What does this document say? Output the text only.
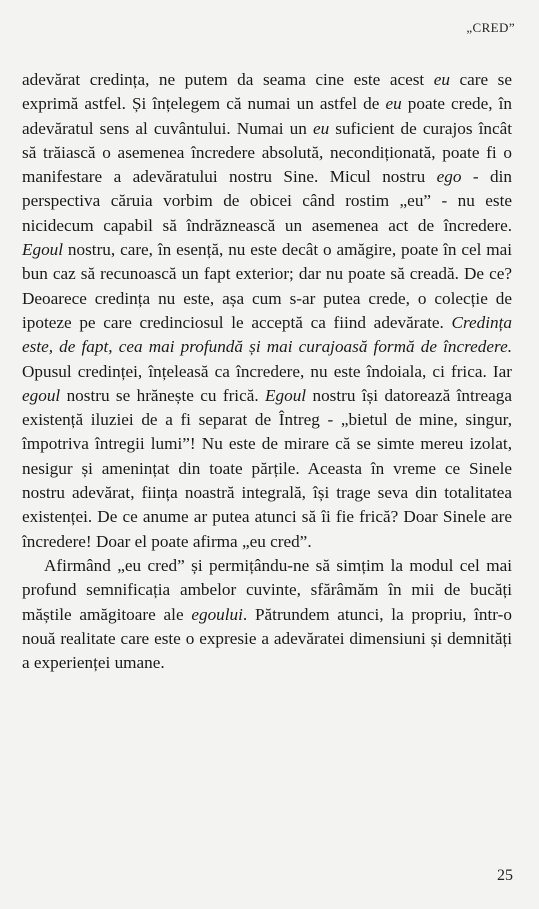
„CRED”

adevărat credința, ne putem da seama cine este acest eu care se exprimă astfel. Și înțelegem că numai un astfel de eu poate crede, în adevăratul sens al cuvântului. Numai un eu suficient de curajos încât să trăiască o asemenea încredere absolută, necondiționată, poate fi o manifestare a adevăratului nostru Sine. Micul nostru ego - din perspectiva căruia vorbim de obicei când rostim „eu” - nu este nicidecum capabil să îndrăznească un asemenea act de încredere. Egoul nostru, care, în esență, nu este decât o amăgire, poate în cel mai bun caz să recunoască un fapt exterior; dar nu poate să creadă. De ce? Deoarece credința nu este, așa cum s-ar putea crede, o colecție de ipoteze pe care credinciosul le acceptă ca fiind adevărate. Credința este, de fapt, cea mai profundă și mai curajoasă formă de încredere. Opusul credinței, înțeleasă ca încredere, nu este îndoiala, ci frica. Iar egoul nostru se hrănește cu frică. Egoul nostru își datorează întreaga existență iluziei de a fi separat de Întreg - „bietul de mine, singur, împotriva întregii lumi”! Nu este de mirare că se simte mereu izolat, nesigur și amenințat din toate părțile. Aceasta în vreme ce Sinele nostru adevărat, ființa noastră integrală, își trage seva din totalitatea existenței. De ce anume ar putea atunci să îi fie frică? Doar Sinele are încredere! Doar el poate afirma „eu cred”.

Afirmând „eu cred” și permițându-ne să simțim la modul cel mai profund semnificația ambelor cuvinte, sfărâmăm în mii de bucăți măștile amăgitoare ale egoului. Pătrundem atunci, la propriu, într-o nouă realitate care este o expresie a adevăratei dimensiuni și demnități a experienței umane.

25
